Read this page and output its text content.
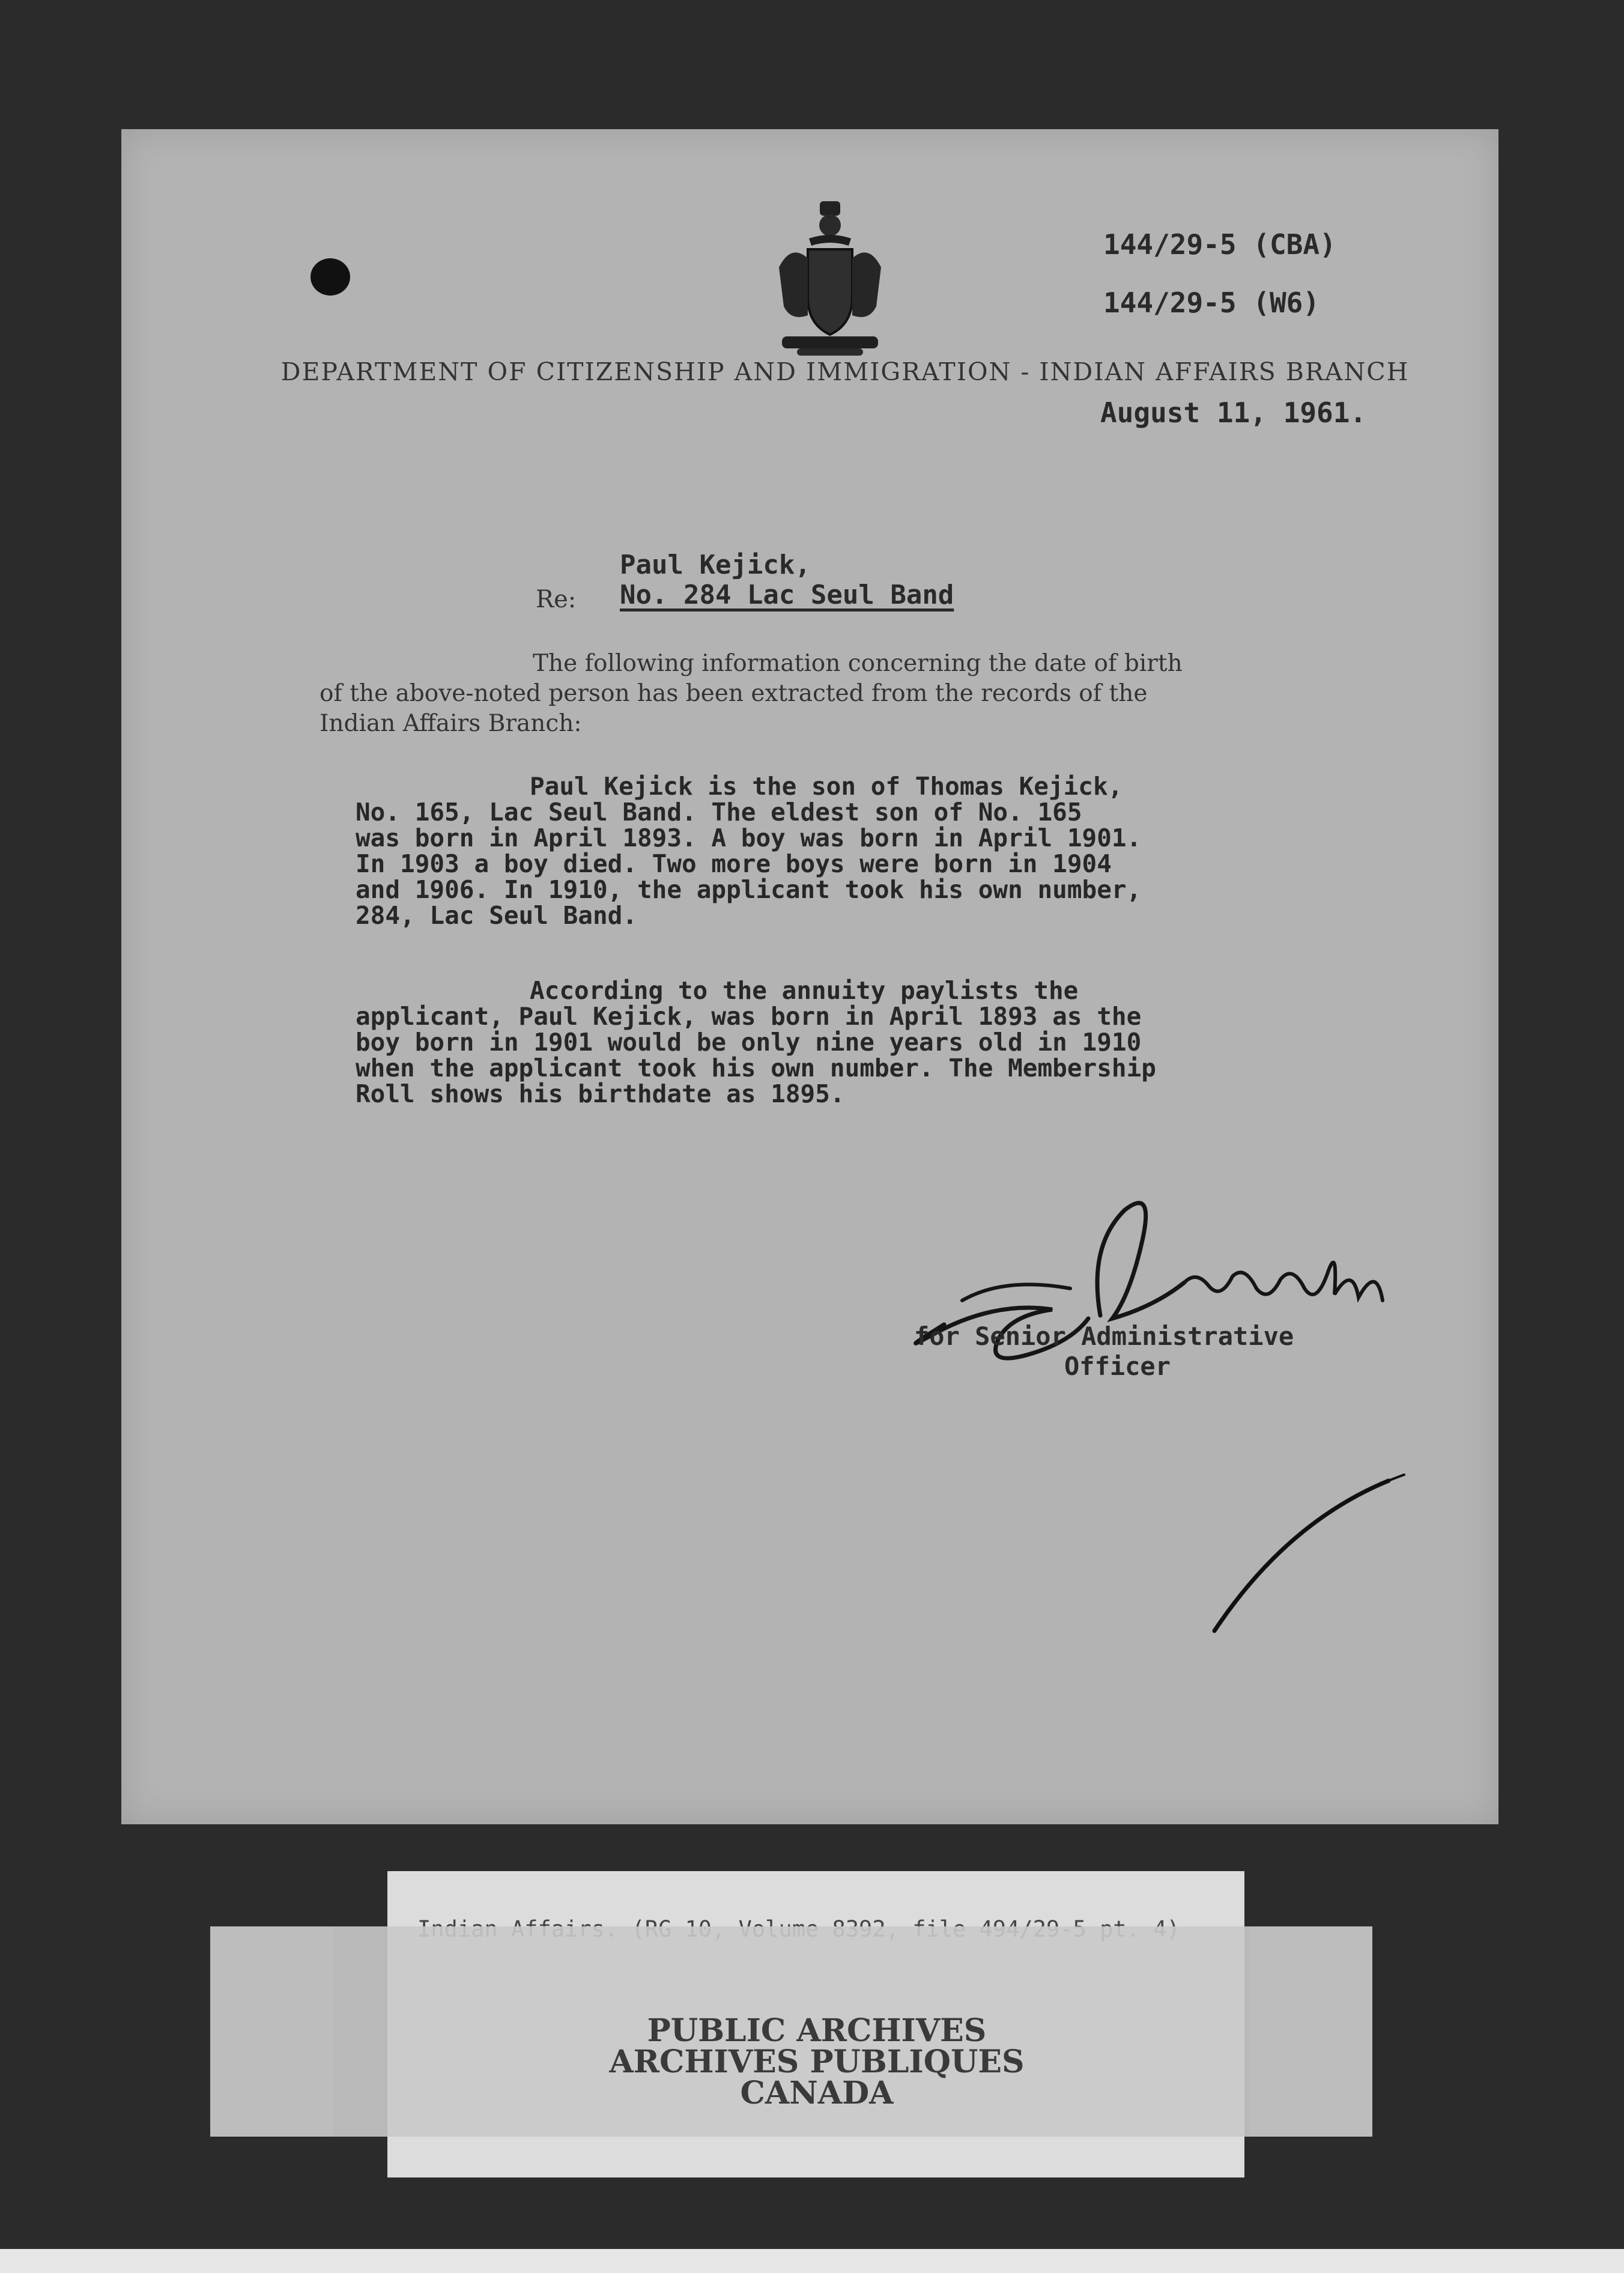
144/29-5 (CBA)
144/29-5 (W6)
DEPARTMENT OF CITIZENSHIP AND IMMIGRATION - INDIAN AFFAIRS BRANCH
August 11, 1961.
Paul Kejick,
Re: No. 284 Lac Seul Band

The following information concerning the date of birth

of the above-noted person has been extracted from the records of the
Indian Affairs Branch:

Paul Kejick is the son of Thomas Kejick,

No. 165, Lac Seul Band. The eldest son of No. 165
was born in April 1893. A boy was born in April 1901.
In 1903 a boy died. Two more boys were born in 1904
and 1906. In 1910, the applicant took his own number,
284, Lac Seul Band.

According to the annuity paylists the

applicant, Paul Kejick, was born in April 1893 as the
boy born in 1901 would be only nine years old in 1910
when the applicant took his own number. The Membership
Roll shows his birthdate as 1895.
L. Bonnell
for Senior Administrative
Officer
PUBLIC ARCHIVES
ARCHIVES PUBLIQUES
CANADA
